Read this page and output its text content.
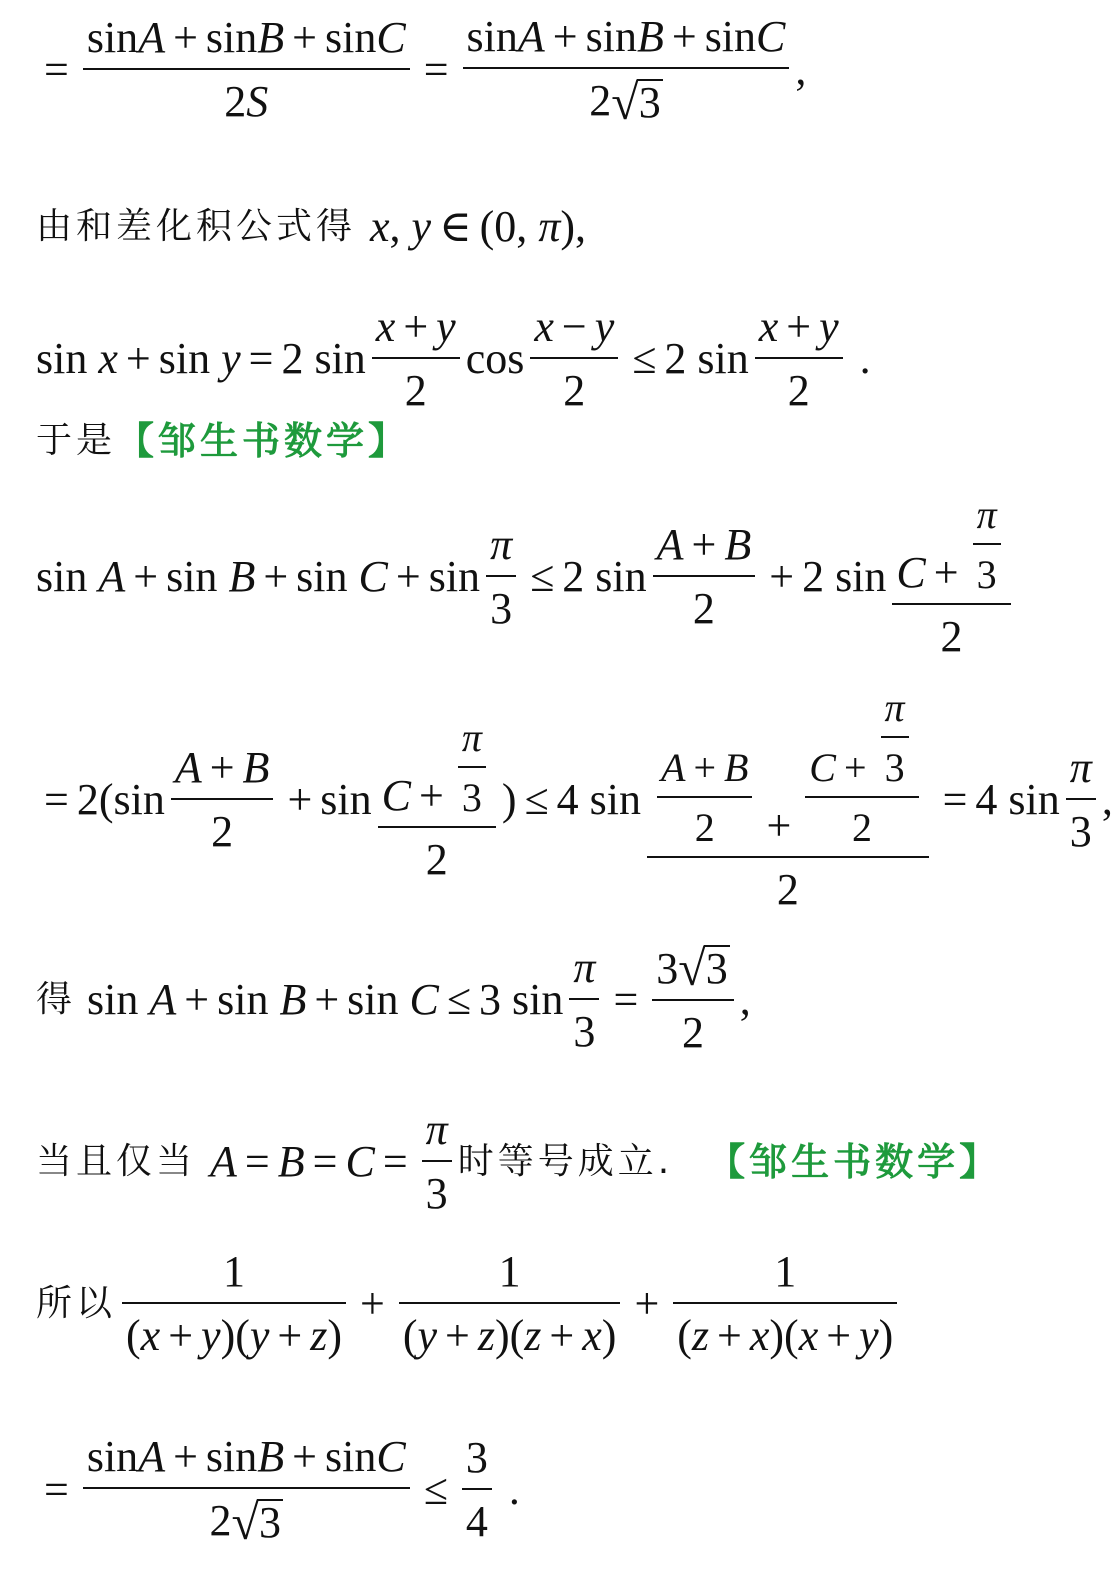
= $\frac{\text{sin A + sin B + sin C}}{2 S} = \frac{\text{sin A + sin B + sin C}}{2 √ 3}$ ,
由和差化积公式得 x , y ∈ (0, π ),
sin x + sin y = 2 $\sin \frac{x + y}{2}$ $\cos \frac{x - y}{2} \le 2$ $\sin \frac{x + y}{2}$ .
于是 【邹生书数学】
$\sin A + \sin B + \sin C + \sin \frac{\pi}{3} \le 2$ $\sin \frac{A + B}{2} + 2$ $\sin \frac{C + \frac{\pi}{3}}{2}$
= $2(\sin \frac{A + B}{2} + \sin \frac{C + \frac{\pi}{3}}{2}$ ) ≤ 4 $\sin \frac{A + B}{2} + \frac{C + \frac{\pi}{3}}{2}$
2
= 4 $\sin \frac{\pi}{3}$ ,
得 sin A + sin B + sin C ≤ 3 $\sin \frac{\pi}{3} = \frac{3 √ 3}{2}$ ,
当且仅当 $A = B = C = \frac{\pi}{3}$ 时等号成立. 【邹生书数学】
所以 $\frac{1}{( x + y )( y + z )} + \frac{1}{( y + z )( z + x )} + \frac{1}{( z + x )( x + y )}$
= $\frac{\text{sin A + sin B + sin C}}{2 √ 3} \le \frac{3}{4}$ .
